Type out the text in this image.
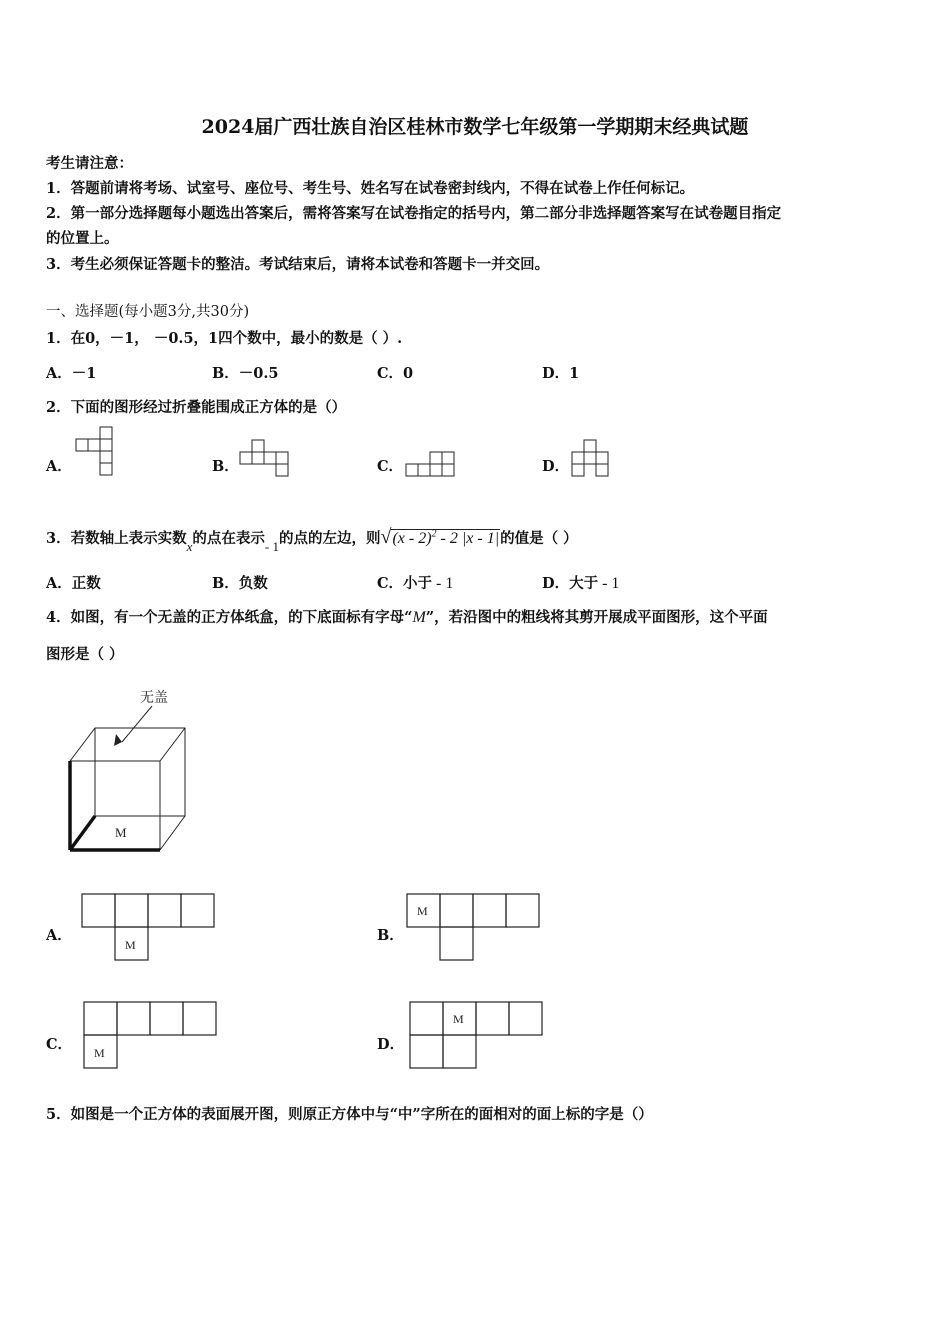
2024届广西壮族自治区桂林市数学七年级第一学期期末经典试题
考生请注意：
1．答题前请将考场、试室号、座位号、考生号、姓名写在试卷密封线内，不得在试卷上作任何标记。
2．第一部分选择题每小题选出答案后，需将答案写在试卷指定的括号内，第二部分非选择题答案写在试卷题目指定
的位置上。
3．考生必须保证答题卡的整洁。考试结束后，请将本试卷和答题卡一并交回。
一、选择题(每小题3分,共30分)
1．在0，－1， －0.5，1四个数中，最小的数是（ ）.
A．－1	B．－0.5	C．0	D．1
2．下面的图形经过折叠能围成正方体的是（）
A．	B．	C．	D．
3．若数轴上表示实数x的点在表示- 1的点的左边，则√(x - 2)$^2$ - 2 |x - 1|的值是（ ）
A．正数	B．负数	C．小于 - 1	D．大于 - 1
4．如图，有一个无盖的正方体纸盒，的下底面标有字母“M”，若沿图中的粗线将其剪开展成平面图形，这个平面
图形是（ ）
无盖
M
A．
M
B．
M
C． M	D．
M
5．如图是一个正方体的表面展开图，则原正方体中与“中”字所在的面相对的面上标的字是（）
